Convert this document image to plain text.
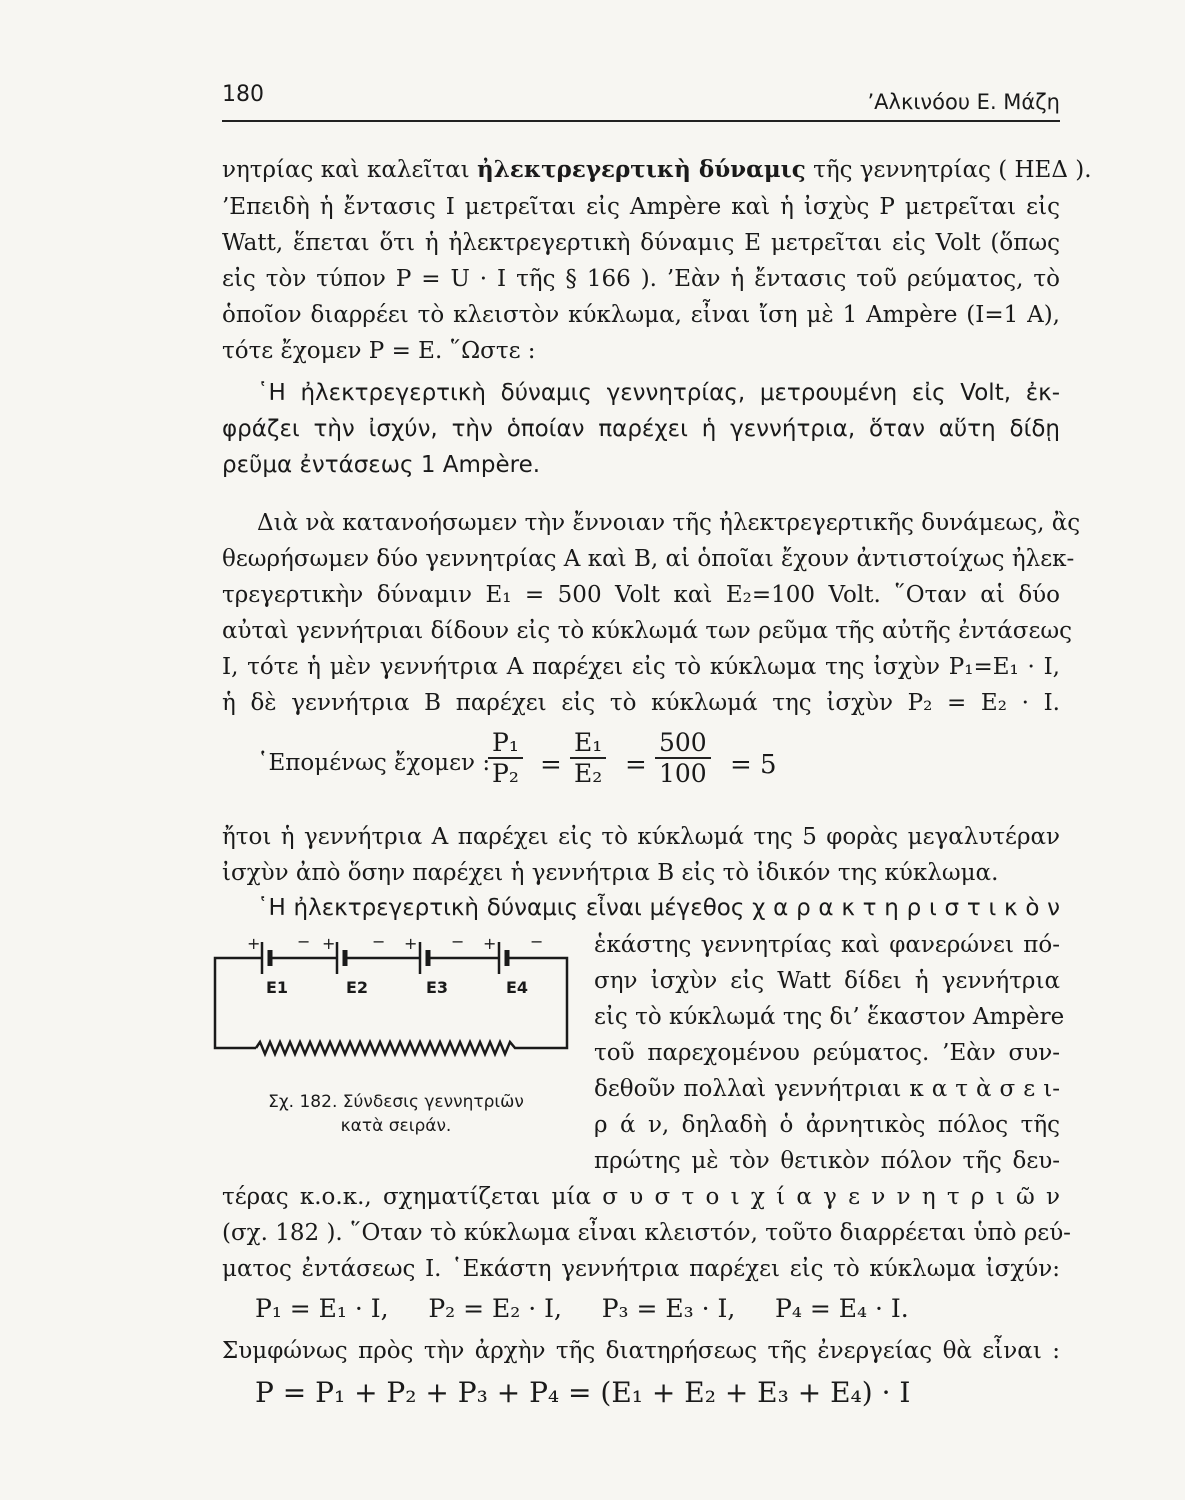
180	’Αλκινόου Ε. Μάζη
νητρίας καὶ καλεῖται ἠλεκτρεγερτικὴ δύναμις τῆς γεννητρίας ( ΗΕΔ ).
’Επειδὴ ἡ ἔντασις I μετρεῖται εἰς Ampère καὶ ἡ ἰσχὺς P μετρεῖται εἰς
Watt, ἕπεται ὅτι ἡ ἠλεκτρεγερτικὴ δύναμις E μετρεῖται εἰς Volt (ὅπως
εἰς τὸν τύπον P = U · I τῆς § 166 ). ’Εὰν ἡ ἔντασις τοῦ ρεύματος, τὸ
ὁποῖον διαρρέει τὸ κλειστὸν κύκλωμα, εἶναι ἴση μὲ 1 Ampère (I=1 A),
τότε ἔχομεν P = E. ῞Ωστε :
῾Η ἠλεκτρεγερτικὴ δύναμις γεννητρίας, μετρουμένη εἰς Volt, ἐκ-
φράζει τὴν ἰσχύν, τὴν ὁποίαν παρέχει ἡ γεννήτρια, ὅταν αὕτη δίδῃ
ρεῦμα ἐντάσεως 1 Ampère.
Διὰ νὰ κατανοήσωμεν τὴν ἔννοιαν τῆς ἠλεκτρεγερτικῆς δυνάμεως, ἂς
θεωρήσωμεν δύο γεννητρίας A καὶ B, αἱ ὁποῖαι ἔχουν ἀντιστοίχως ἠλεκ-
τρεγερτικὴν δύναμιν E₁ = 500 Volt καὶ E₂=100 Volt. ῞Οταν αἱ δύο
αὐταὶ γεννήτριαι δίδουν εἰς τὸ κύκλωμά των ρεῦμα τῆς αὐτῆς ἐντάσεως
I, τότε ἡ μὲν γεννήτρια A παρέχει εἰς τὸ κύκλωμα της ἰσχὺν P₁=E₁ · I,
ἡ δὲ γεννήτρια B παρέχει εἰς τὸ κύκλωμά της ἰσχὺν P₂ = E₂ · I.
῾Επομένως ἔχομεν :
$\frac{\text{P₁}}{\text{P₂}} = \frac{\text{E₁}}{\text{E₂}} = \frac{500}{100} = 5$
ἤτοι ἡ γεννήτρια A παρέχει εἰς τὸ κύκλωμά της 5 φορὰς μεγαλυτέραν
ἰσχὺν ἀπὸ ὅσην παρέχει ἡ γεννήτρια B εἰς τὸ ἰδικόν της κύκλωμα.
῾Η ἠλεκτρεγερτικὴ δύναμις εἶναι μέγεθος χ α ρ α κ τ η ρ ι σ τ ι κ ὸ ν
+ − + − + − + −
E1	E2	E3	E4
Σχ. 182. Σύνδεσις γεννητριῶν
κατὰ σειράν.
ἑκάστης γεννητρίας καὶ φανερώνει πό-
σην ἰσχὺν εἰς Watt δίδει ἡ γεννήτρια
εἰς τὸ κύκλωμά της δι’ ἕκαστον Ampère
τοῦ παρεχομένου ρεύματος. ’Εὰν συν-
δεθοῦν πολλαὶ γεννήτριαι κ α τ ὰ σ ε ι-
ρ ά ν, δηλαδὴ ὁ ἀρνητικὸς πόλος τῆς
πρώτης μὲ τὸν θετικὸν πόλον τῆς δευ-
τέρας κ.ο.κ., σχηματίζεται μία σ υ σ τ ο ι χ ί α γ ε ν ν η τ ρ ι ῶ ν
(σχ. 182 ). ῞Οταν τὸ κύκλωμα εἶναι κλειστόν, τοῦτο διαρρέεται ὑπὸ ρεύ-
ματος ἐντάσεως I. ῾Εκάστη γεννήτρια παρέχει εἰς τὸ κύκλωμα ἰσχύν:
P₁ = E₁ · I,     P₂ = E₂ · I,     P₃ = E₃ · I,     P₄ = E₄ · I.
Συμφώνως πρὸς τὴν ἀρχὴν τῆς διατηρήσεως τῆς ἐνεργείας θὰ εἶναι :
P = P₁ + P₂ + P₃ + P₄ = (E₁ + E₂ + E₃ + E₄) · I
